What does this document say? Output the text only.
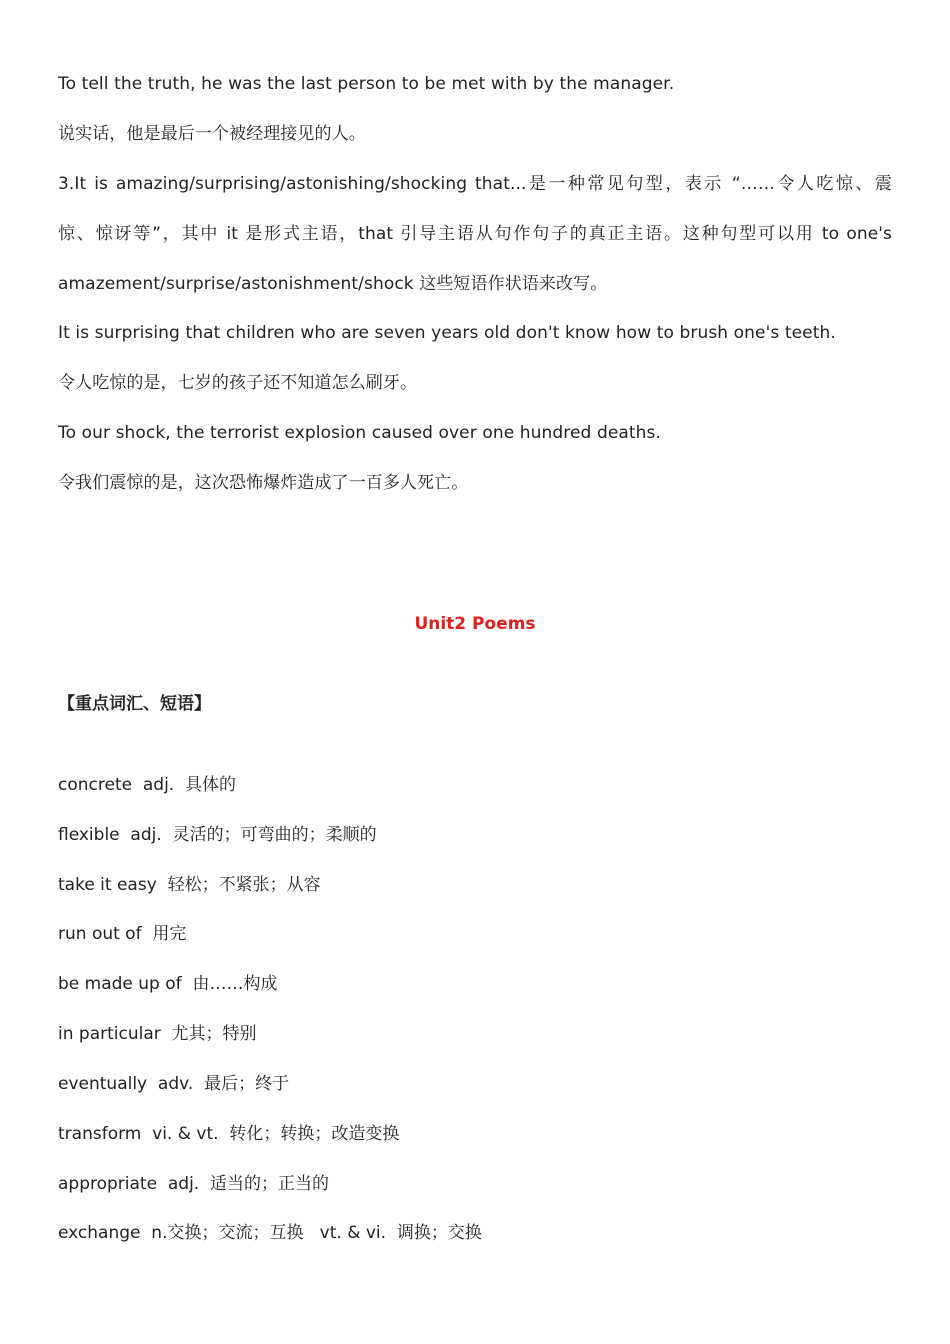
To tell the truth, he was the last person to be met with by the manager.
说实话，他是最后一个被经理接见的人。
3.It is amazing/surprising/astonishing/shocking that...是一种常见句型，表示 “……令人吃惊、震
惊、惊讶等”，其中 it 是形式主语，that 引导主语从句作句子的真正主语。这种句型可以用 to one's
amazement/surprise/astonishment/shock 这些短语作状语来改写。
It is surprising that children who are seven years old don't know how to brush one's teeth.
令人吃惊的是，七岁的孩子还不知道怎么刷牙。
To our shock, the terrorist explosion caused over one hundred deaths.
令我们震惊的是，这次恐怖爆炸造成了一百多人死亡。
Unit2 Poems
【重点词汇、短语】
concrete  adj.  具体的
flexible  adj.  灵活的；可弯曲的；柔顺的
take it easy  轻松；不紧张；从容
run out of  用完
be made up of  由……构成
in particular  尤其；特别
eventually  adv.  最后；终于
transform  vi. & vt.  转化；转换；改造变换
appropriate  adj.  适当的；正当的
exchange  n.交换；交流；互换   vt. & vi.  调换；交换
